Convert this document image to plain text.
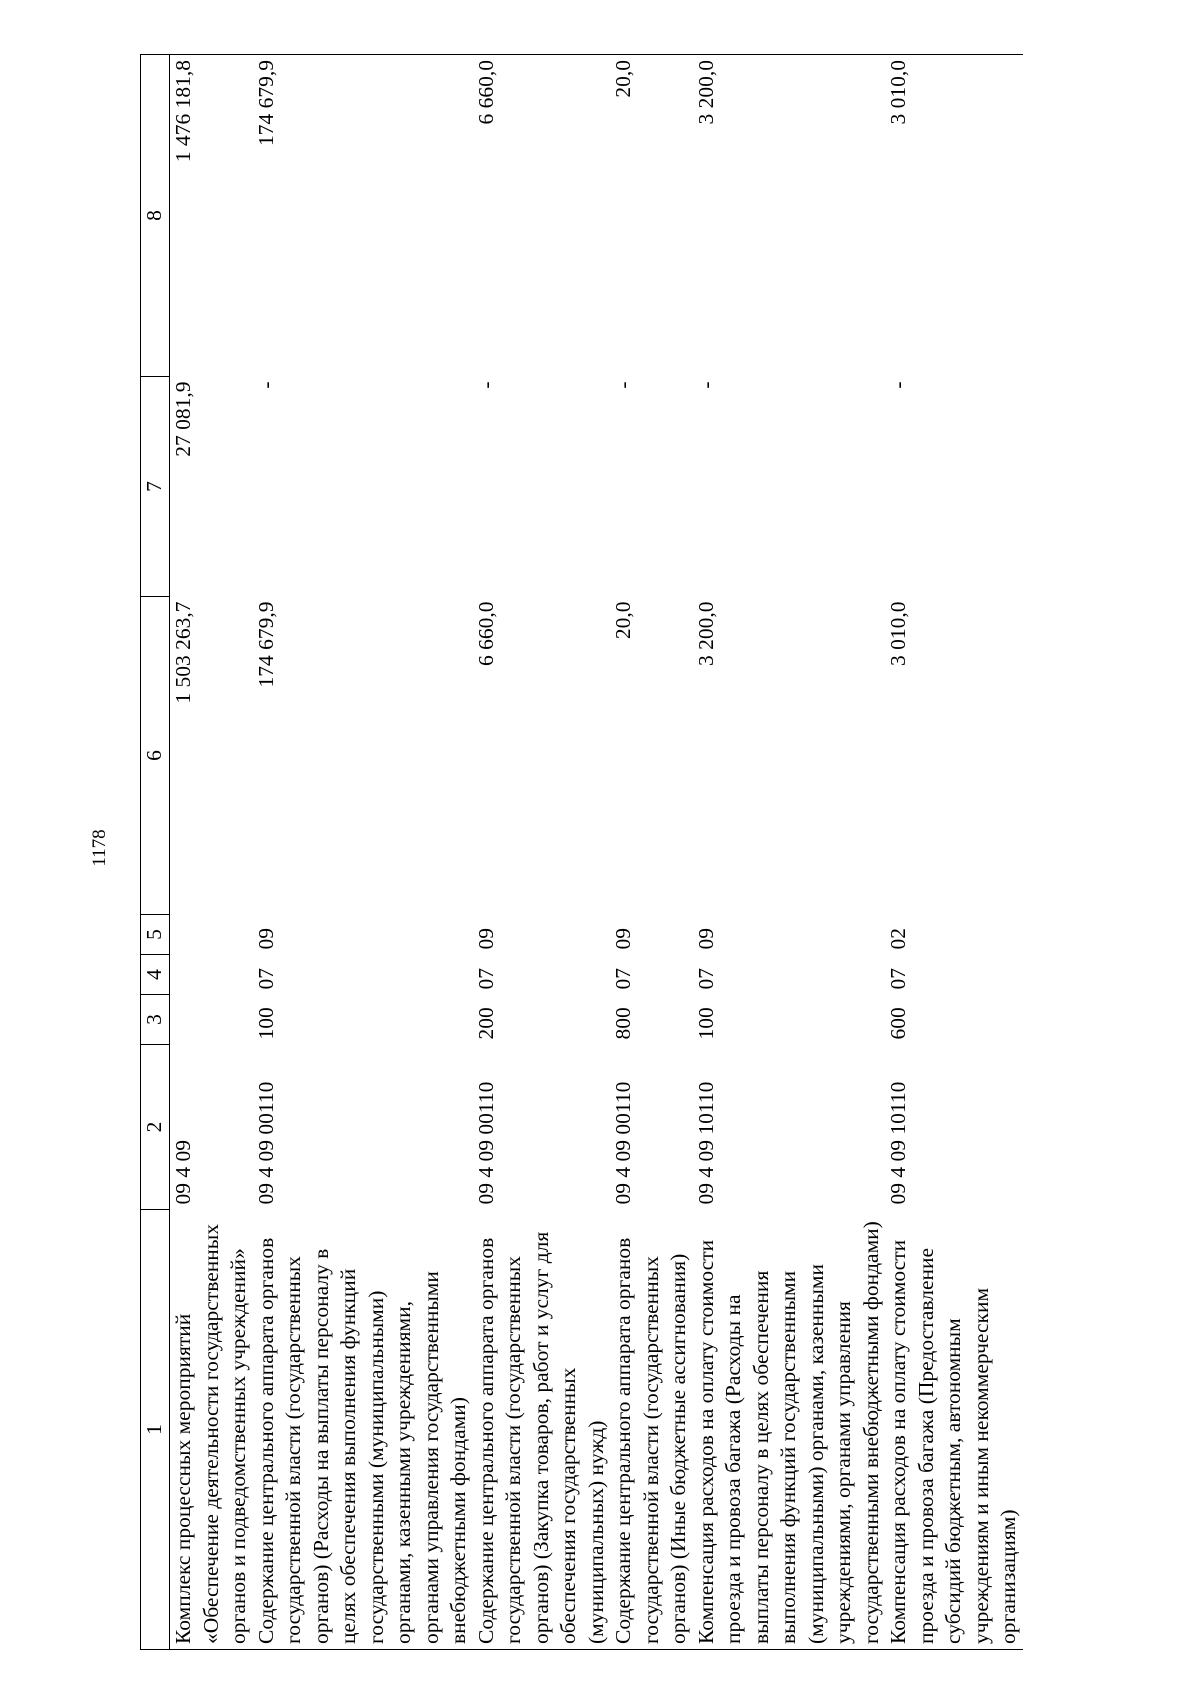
1178
1	2	3	4	5	6	7	8
Комплекс процессных мероприятий «Обеспечение деятельности государственных органов и подведомственных учреждений»	09 4 09				1 503 263,7	27 081,9	1 476 181,8
Содержание центрального аппарата органов государственной власти (государственных органов) (Расходы на выплаты персоналу в целях обеспечения выполнения функций государственными (муниципальными) органами, казенными учреждениями, органами управления государственными внебюджетными фондами)	09 4 09 00110	100	07	09	174 679,9	-	174 679,9
Содержание центрального аппарата органов государственной власти (государственных органов) (Закупка товаров, работ и услуг для обеспечения государственных (муниципальных) нужд)	09 4 09 00110	200	07	09	6 660,0	-	6 660,0
Содержание центрального аппарата органов государственной власти (государственных органов) (Иные бюджетные ассигнования)	09 4 09 00110	800	07	09	20,0	-	20,0
Компенсация расходов на оплату стоимости проезда и провоза багажа (Расходы на выплаты персоналу в целях обеспечения выполнения функций государственными (муниципальными) органами, казенными учреждениями, органами управления государственными внебюджетными фондами)	09 4 09 10110	100	07	09	3 200,0	-	3 200,0
Компенсация расходов на оплату стоимости проезда и провоза багажа (Предоставление субсидий бюджетным, автономным учреждениям и иным некоммерческим организациям)	09 4 09 10110	600	07	02	3 010,0	-	3 010,0
